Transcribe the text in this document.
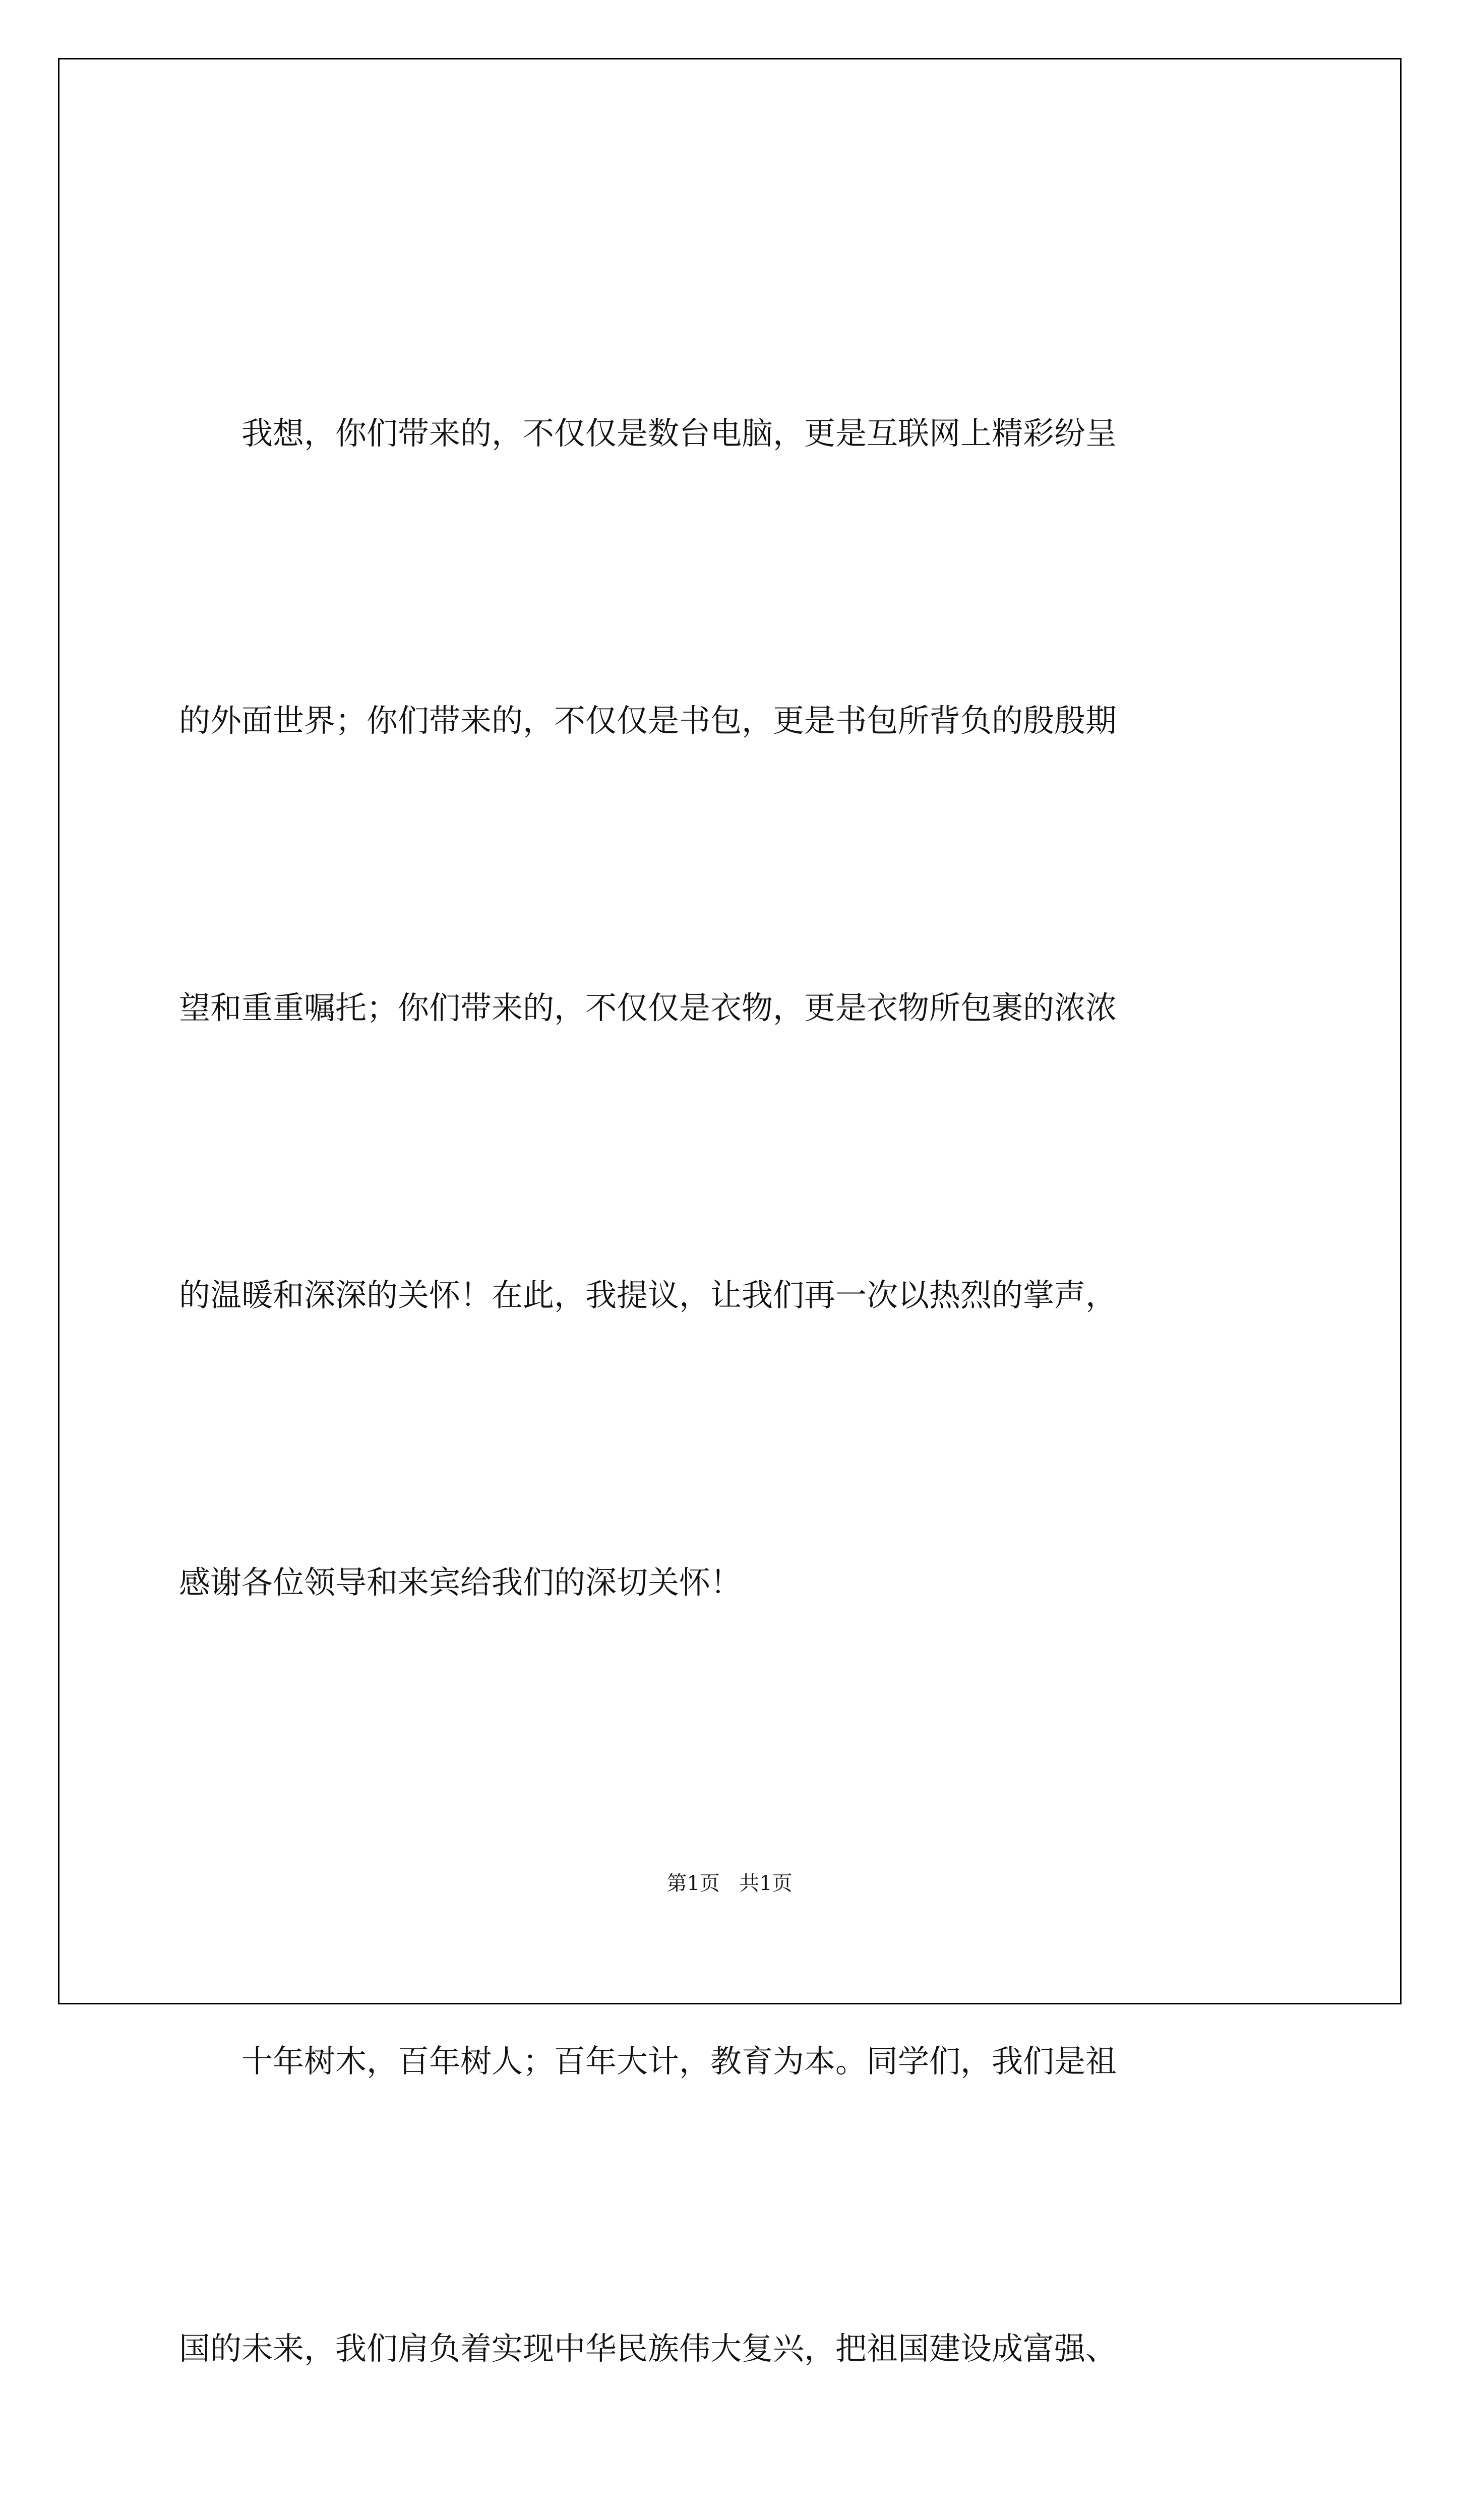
我想，你们带来的，不仅仅是数台电脑，更是互联网上精彩纷呈

的外面世界；你们带来的，不仅仅是书包，更是书包所背负的殷殷期

望和重重嘱托；你们带来的，不仅仅是衣物，更是衣物所包裹的浓浓

的温暖和深深的关怀！在此，我提议，让我们再一次以热烈的掌声，

感谢各位领导和来宾给我们的深切关怀！

十年树木，百年树人；百年大计，教育为本。同学们，我们是祖

国的未来，我们肩负着实现中华民族伟大复兴，把祖国建设成富强、

第1页 共1页
